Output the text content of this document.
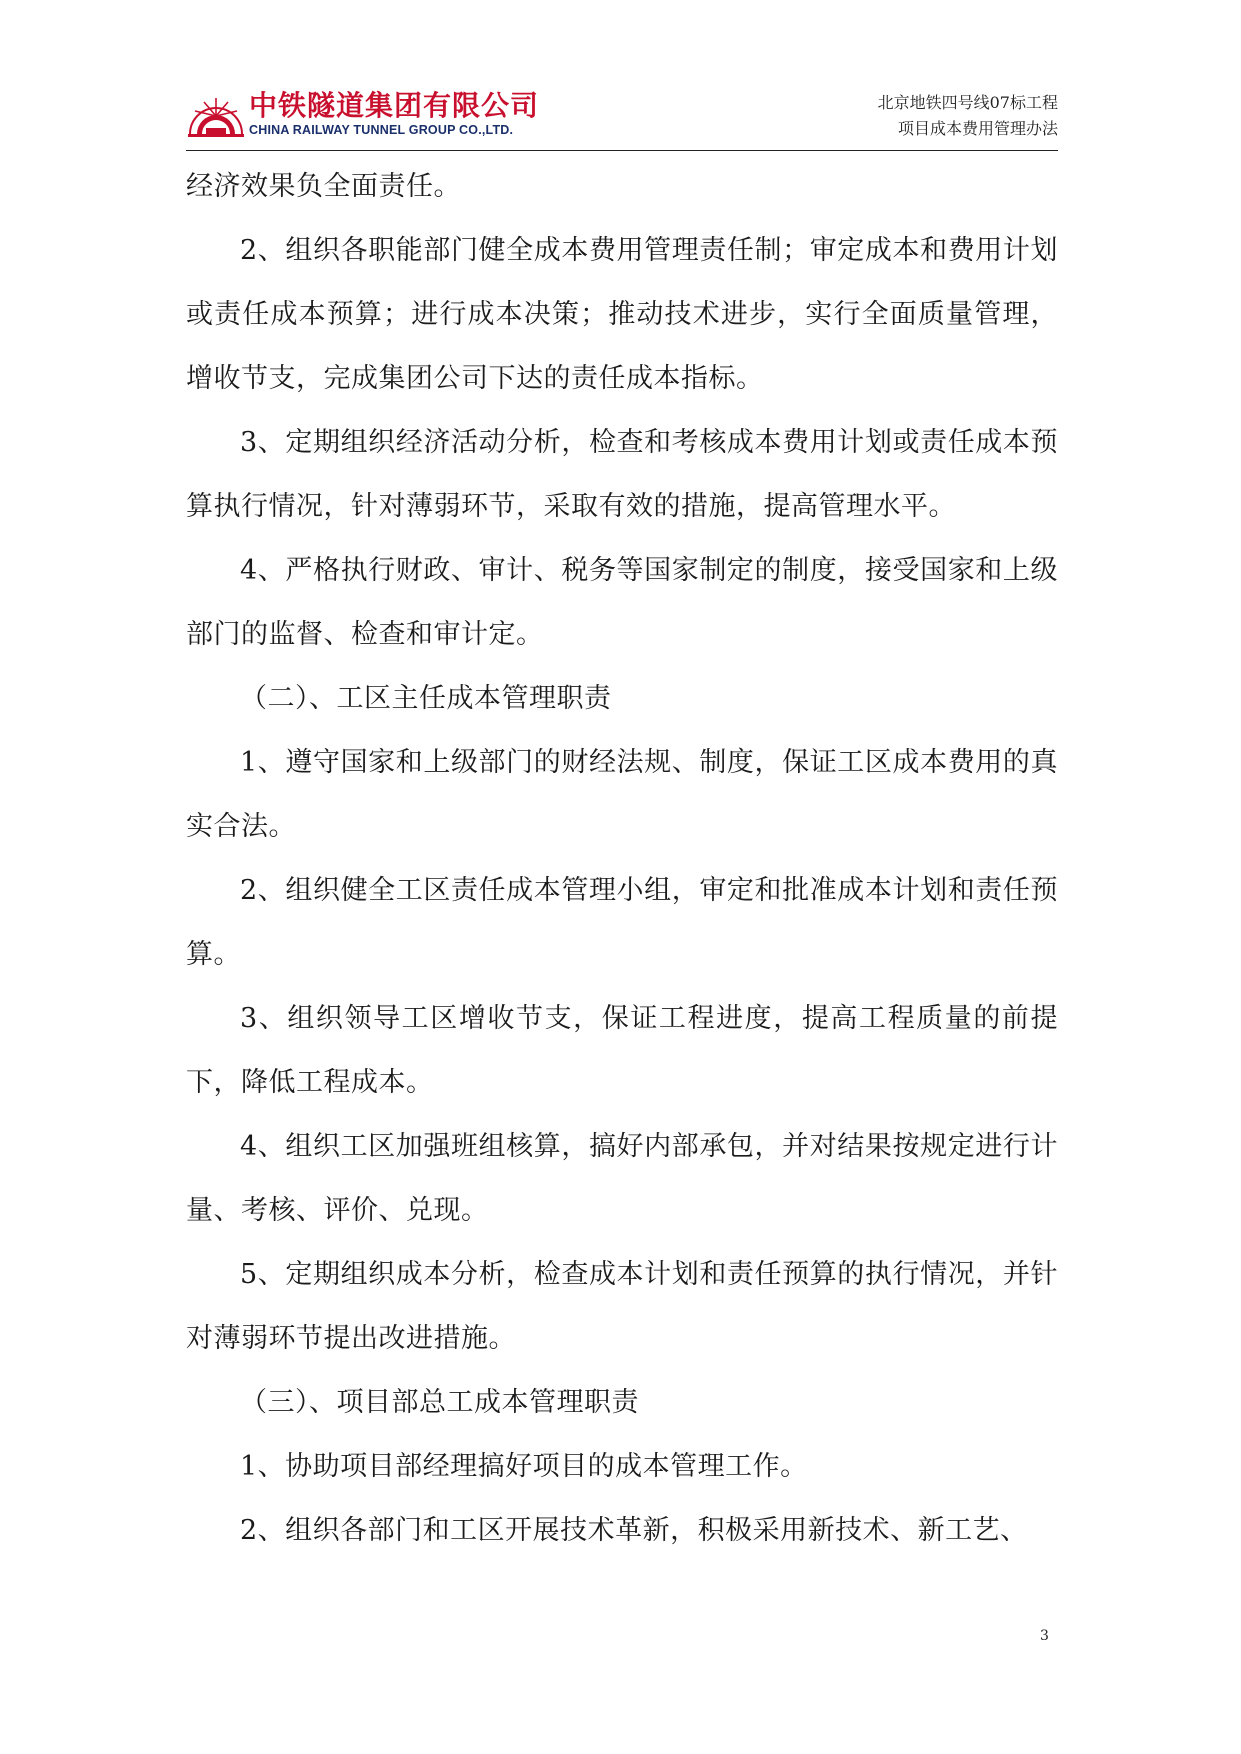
中铁隧道集团有限公司
CHINA RAILWAY TUNNEL GROUP CO.,LTD.
北京地铁四号线07标工程
项目成本费用管理办法

经济效果负全面责任。

2、组织各职能部门健全成本费用管理责任制；审定成本和费用计划或责任成本预算；进行成本决策；推动技术进步，实行全面质量管理，增收节支，完成集团公司下达的责任成本指标。

3、定期组织经济活动分析，检查和考核成本费用计划或责任成本预算执行情况，针对薄弱环节，采取有效的措施，提高管理水平。

4、严格执行财政、审计、税务等国家制定的制度，接受国家和上级部门的监督、检查和审计定。

（二）、工区主任成本管理职责

1、遵守国家和上级部门的财经法规、制度，保证工区成本费用的真实合法。

2、组织健全工区责任成本管理小组，审定和批准成本计划和责任预算。

3、组织领导工区增收节支，保证工程进度，提高工程质量的前提下，降低工程成本。

4、组织工区加强班组核算，搞好内部承包，并对结果按规定进行计量、考核、评价、兑现。

5、定期组织成本分析，检查成本计划和责任预算的执行情况，并针对薄弱环节提出改进措施。

（三）、项目部总工成本管理职责

1、协助项目部经理搞好项目的成本管理工作。

2、组织各部门和工区开展技术革新，积极采用新技术、新工艺、

3
